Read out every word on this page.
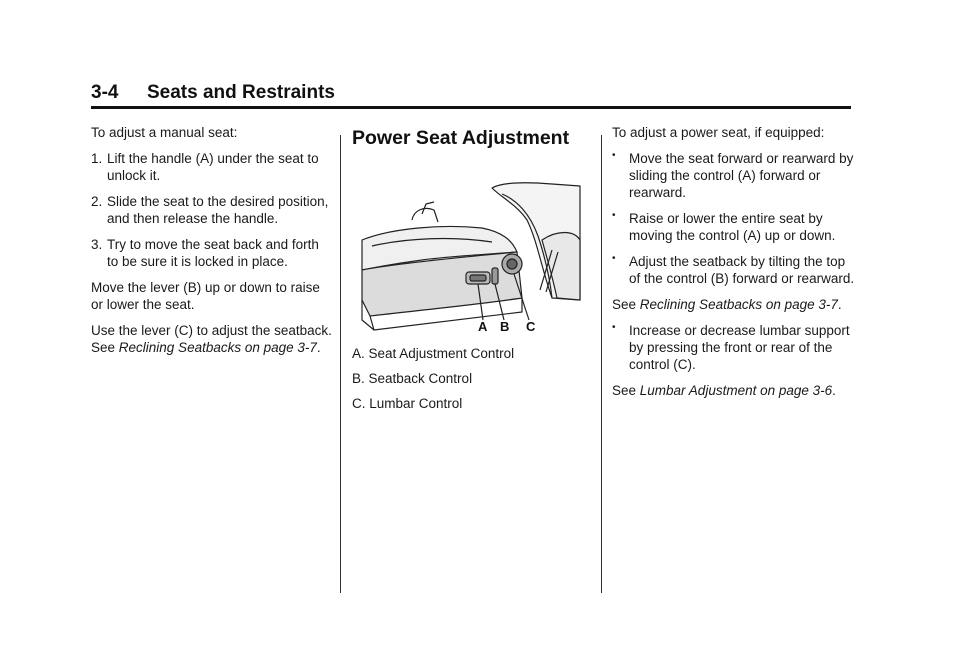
3-4 Seats and Restraints

To adjust a manual seat:

1. Lift the handle (A) under the seat to unlock it.
2. Slide the seat to the desired position, and then release the handle.
3. Try to move the seat back and forth to be sure it is locked in place.

Move the lever (B) up or down to raise or lower the seat.

Use the lever (C) to adjust the seatback. See Reclining Seatbacks on page 3-7.

Power Seat Adjustment
A B C

A. Seat Adjustment Control

B. Seatback Control

C. Lumbar Control

To adjust a power seat, if equipped:

• Move the seat forward or rearward by sliding the control (A) forward or rearward.
• Raise or lower the entire seat by moving the control (A) up or down.
• Adjust the seatback by tilting the top of the control (B) forward or rearward.

See Reclining Seatbacks on page 3-7.

• Increase or decrease lumbar support by pressing the front or rear of the control (C).

See Lumbar Adjustment on page 3-6.
